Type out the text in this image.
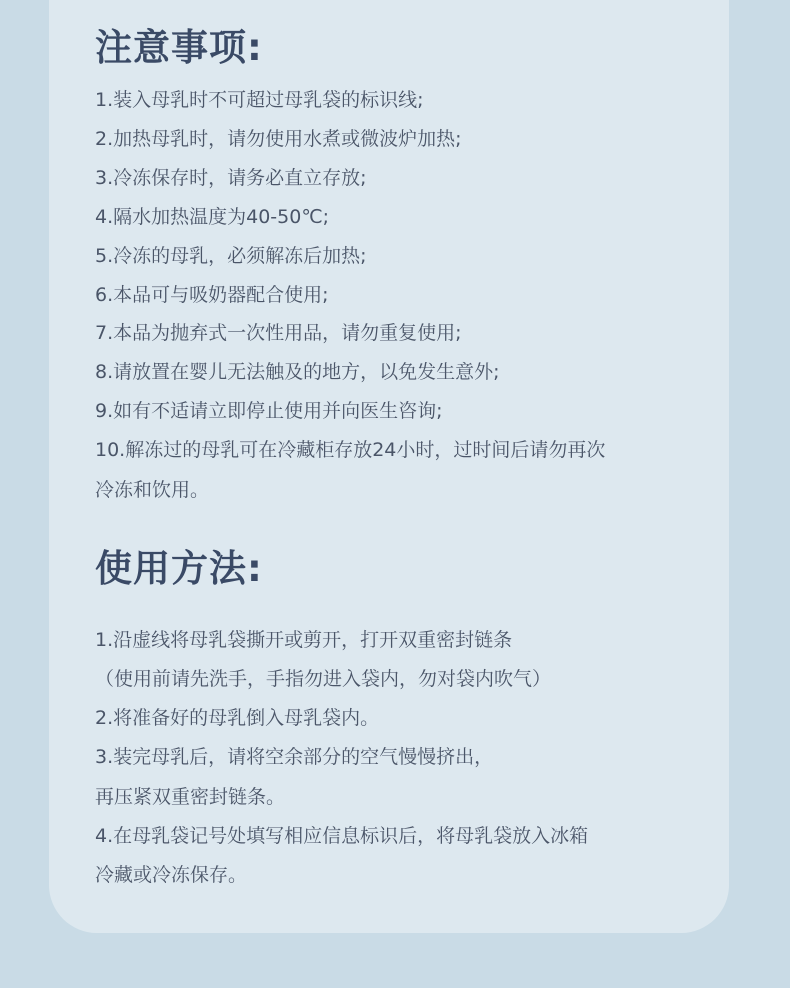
注意事项:
1.装入母乳时不可超过母乳袋的标识线;
2.加热母乳时，请勿使用水煮或微波炉加热;
3.冷冻保存时，请务必直立存放;
4.隔水加热温度为40-50℃;
5.冷冻的母乳，必须解冻后加热;
6.本品可与吸奶器配合使用;
7.本品为抛弃式一次性用品，请勿重复使用;
8.请放置在婴儿无法触及的地方，以免发生意外;
9.如有不适请立即停止使用并向医生咨询;
10.解冻过的母乳可在冷藏柜存放24小时，过时间后请勿再次
冷冻和饮用。
使用方法:
1.沿虚线将母乳袋撕开或剪开，打开双重密封链条
（使用前请先洗手，手指勿进入袋内，勿对袋内吹气）
2.将准备好的母乳倒入母乳袋内。
3.装完母乳后，请将空余部分的空气慢慢挤出，
再压紧双重密封链条。
4.在母乳袋记号处填写相应信息标识后，将母乳袋放入冰箱
冷藏或冷冻保存。
